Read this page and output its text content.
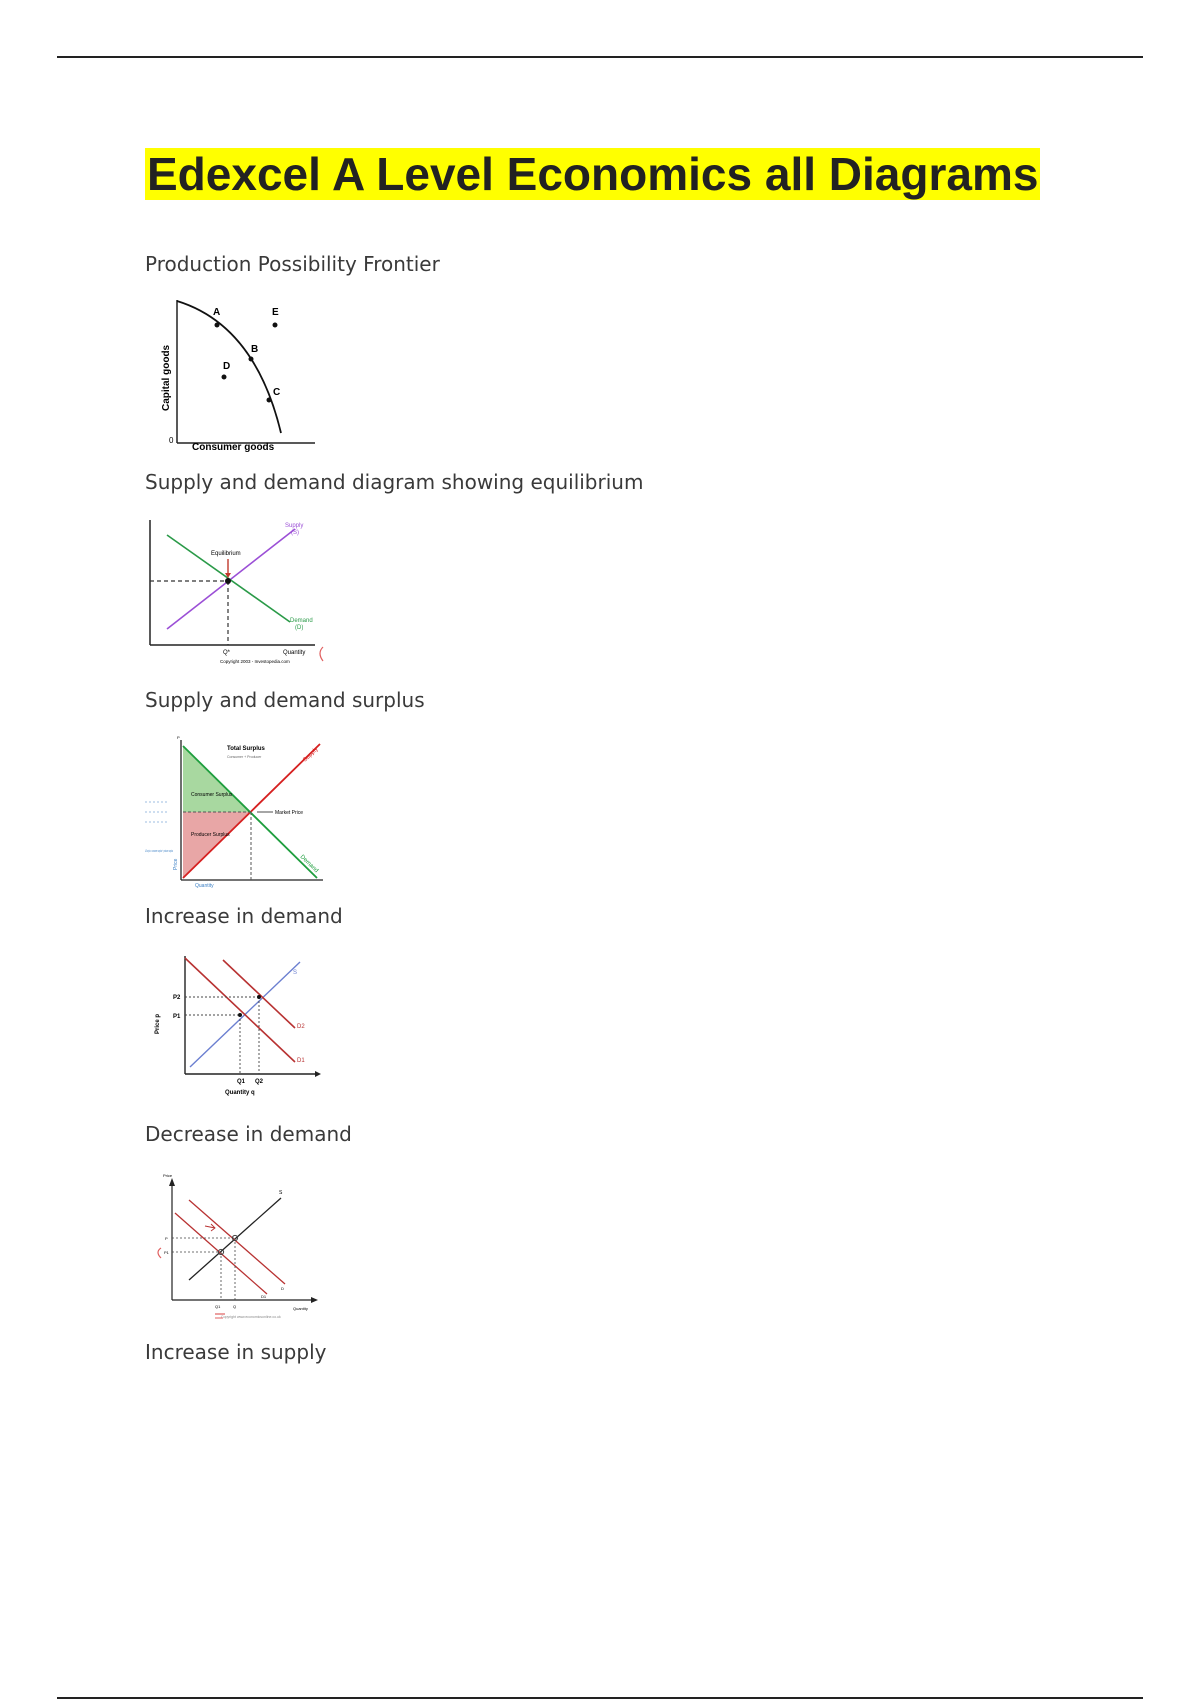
Edexcel A Level Economics all Diagrams

Production Possibility Frontier

A
B
C
D
E
0
Consumer goods
Capital goods

Supply and demand diagram showing equilibrium

Equilibrium
Supply
(S)
Demand
(D)
Q*	Quantity
Copyright 2003 - Investopedia.com

Supply and demand surplus

Total Surplus
Consumer + Producer
Consumer Surplus
Producer Surplus
Market Price
Supply
Demand
Quantity
Price
P
Δ Surplus = consumer surplus + producer surplus

Increase in demand

P1
P2
Q1 Q2
S
D2
D1
Quantity q
Price p

Decrease in demand

Price
Quantity
S
D
D1
P
P1
Q1	Q
Copyright www.economicsonline.co.uk

Increase in supply
